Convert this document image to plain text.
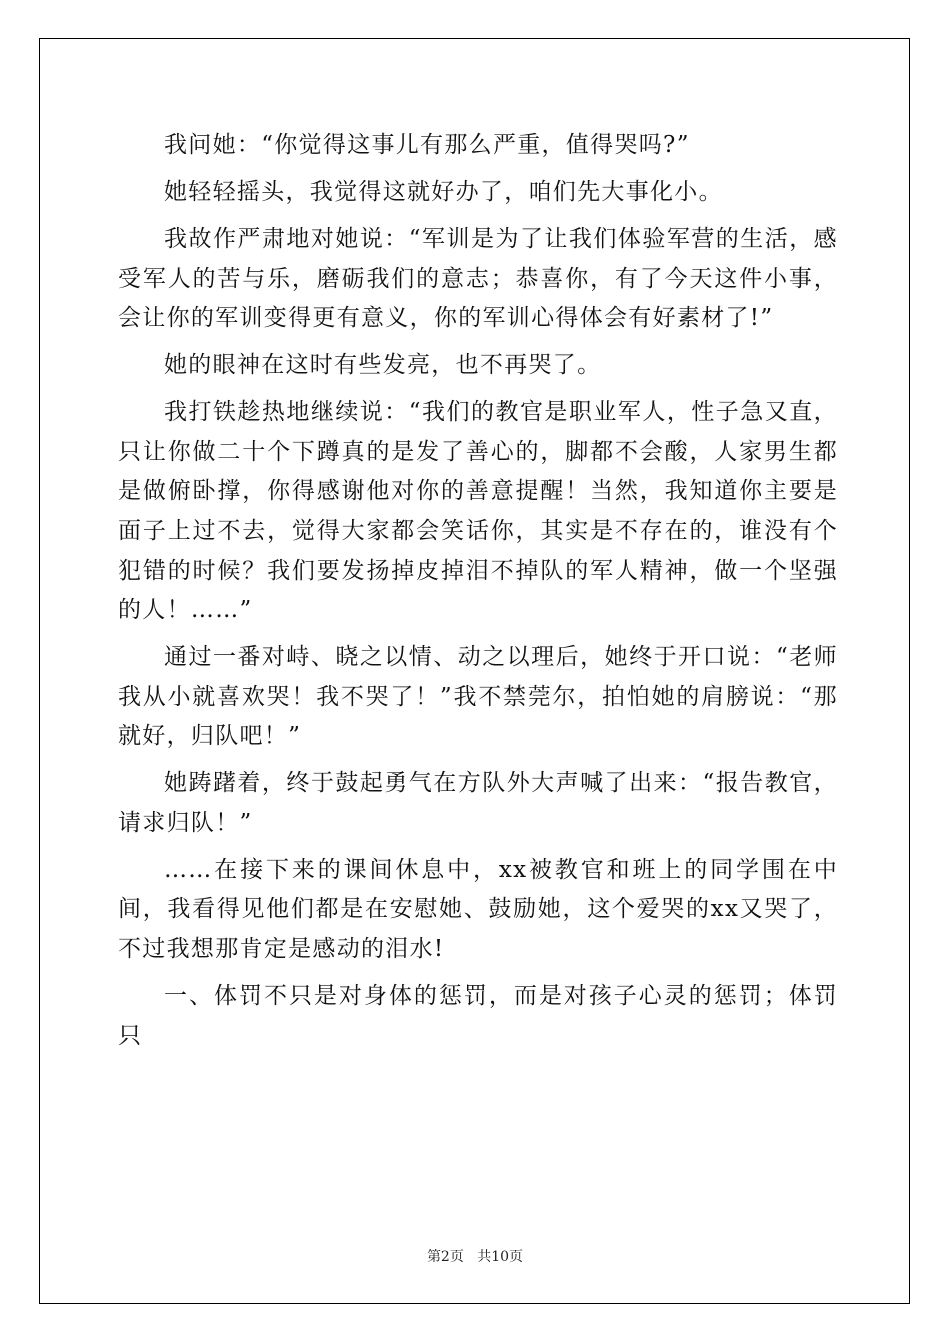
我问她：“你觉得这事儿有那么严重，值得哭吗?”

她轻轻摇头，我觉得这就好办了，咱们先大事化小。

我故作严肃地对她说：“军训是为了让我们体验军营的生活，感受军人的苦与乐，磨砺我们的意志；恭喜你，有了今天这件小事，会让你的军训变得更有意义，你的军训心得体会有好素材了!”

她的眼神在这时有些发亮，也不再哭了。

我打铁趁热地继续说：“我们的教官是职业军人，性子急又直，只让你做二十个下蹲真的是发了善心的，脚都不会酸，人家男生都是做俯卧撑，你得感谢他对你的善意提醒！当然，我知道你主要是面子上过不去，觉得大家都会笑话你，其实是不存在的，谁没有个犯错的时候？我们要发扬掉皮掉泪不掉队的军人精神，做一个坚强的人！……”

通过一番对峙、晓之以情、动之以理后，她终于开口说：“老师我从小就喜欢哭！我不哭了！”我不禁莞尔，拍怕她的肩膀说：“那就好，归队吧！”

她踌躇着，终于鼓起勇气在方队外大声喊了出来：“报告教官，请求归队！”

……在接下来的课间休息中，xx被教官和班上的同学围在中间，我看得见他们都是在安慰她、鼓励她，这个爱哭的xx又哭了，不过我想那肯定是感动的泪水!

一、体罚不只是对身体的惩罚，而是对孩子心灵的惩罚；体罚只

第2页 共10页
